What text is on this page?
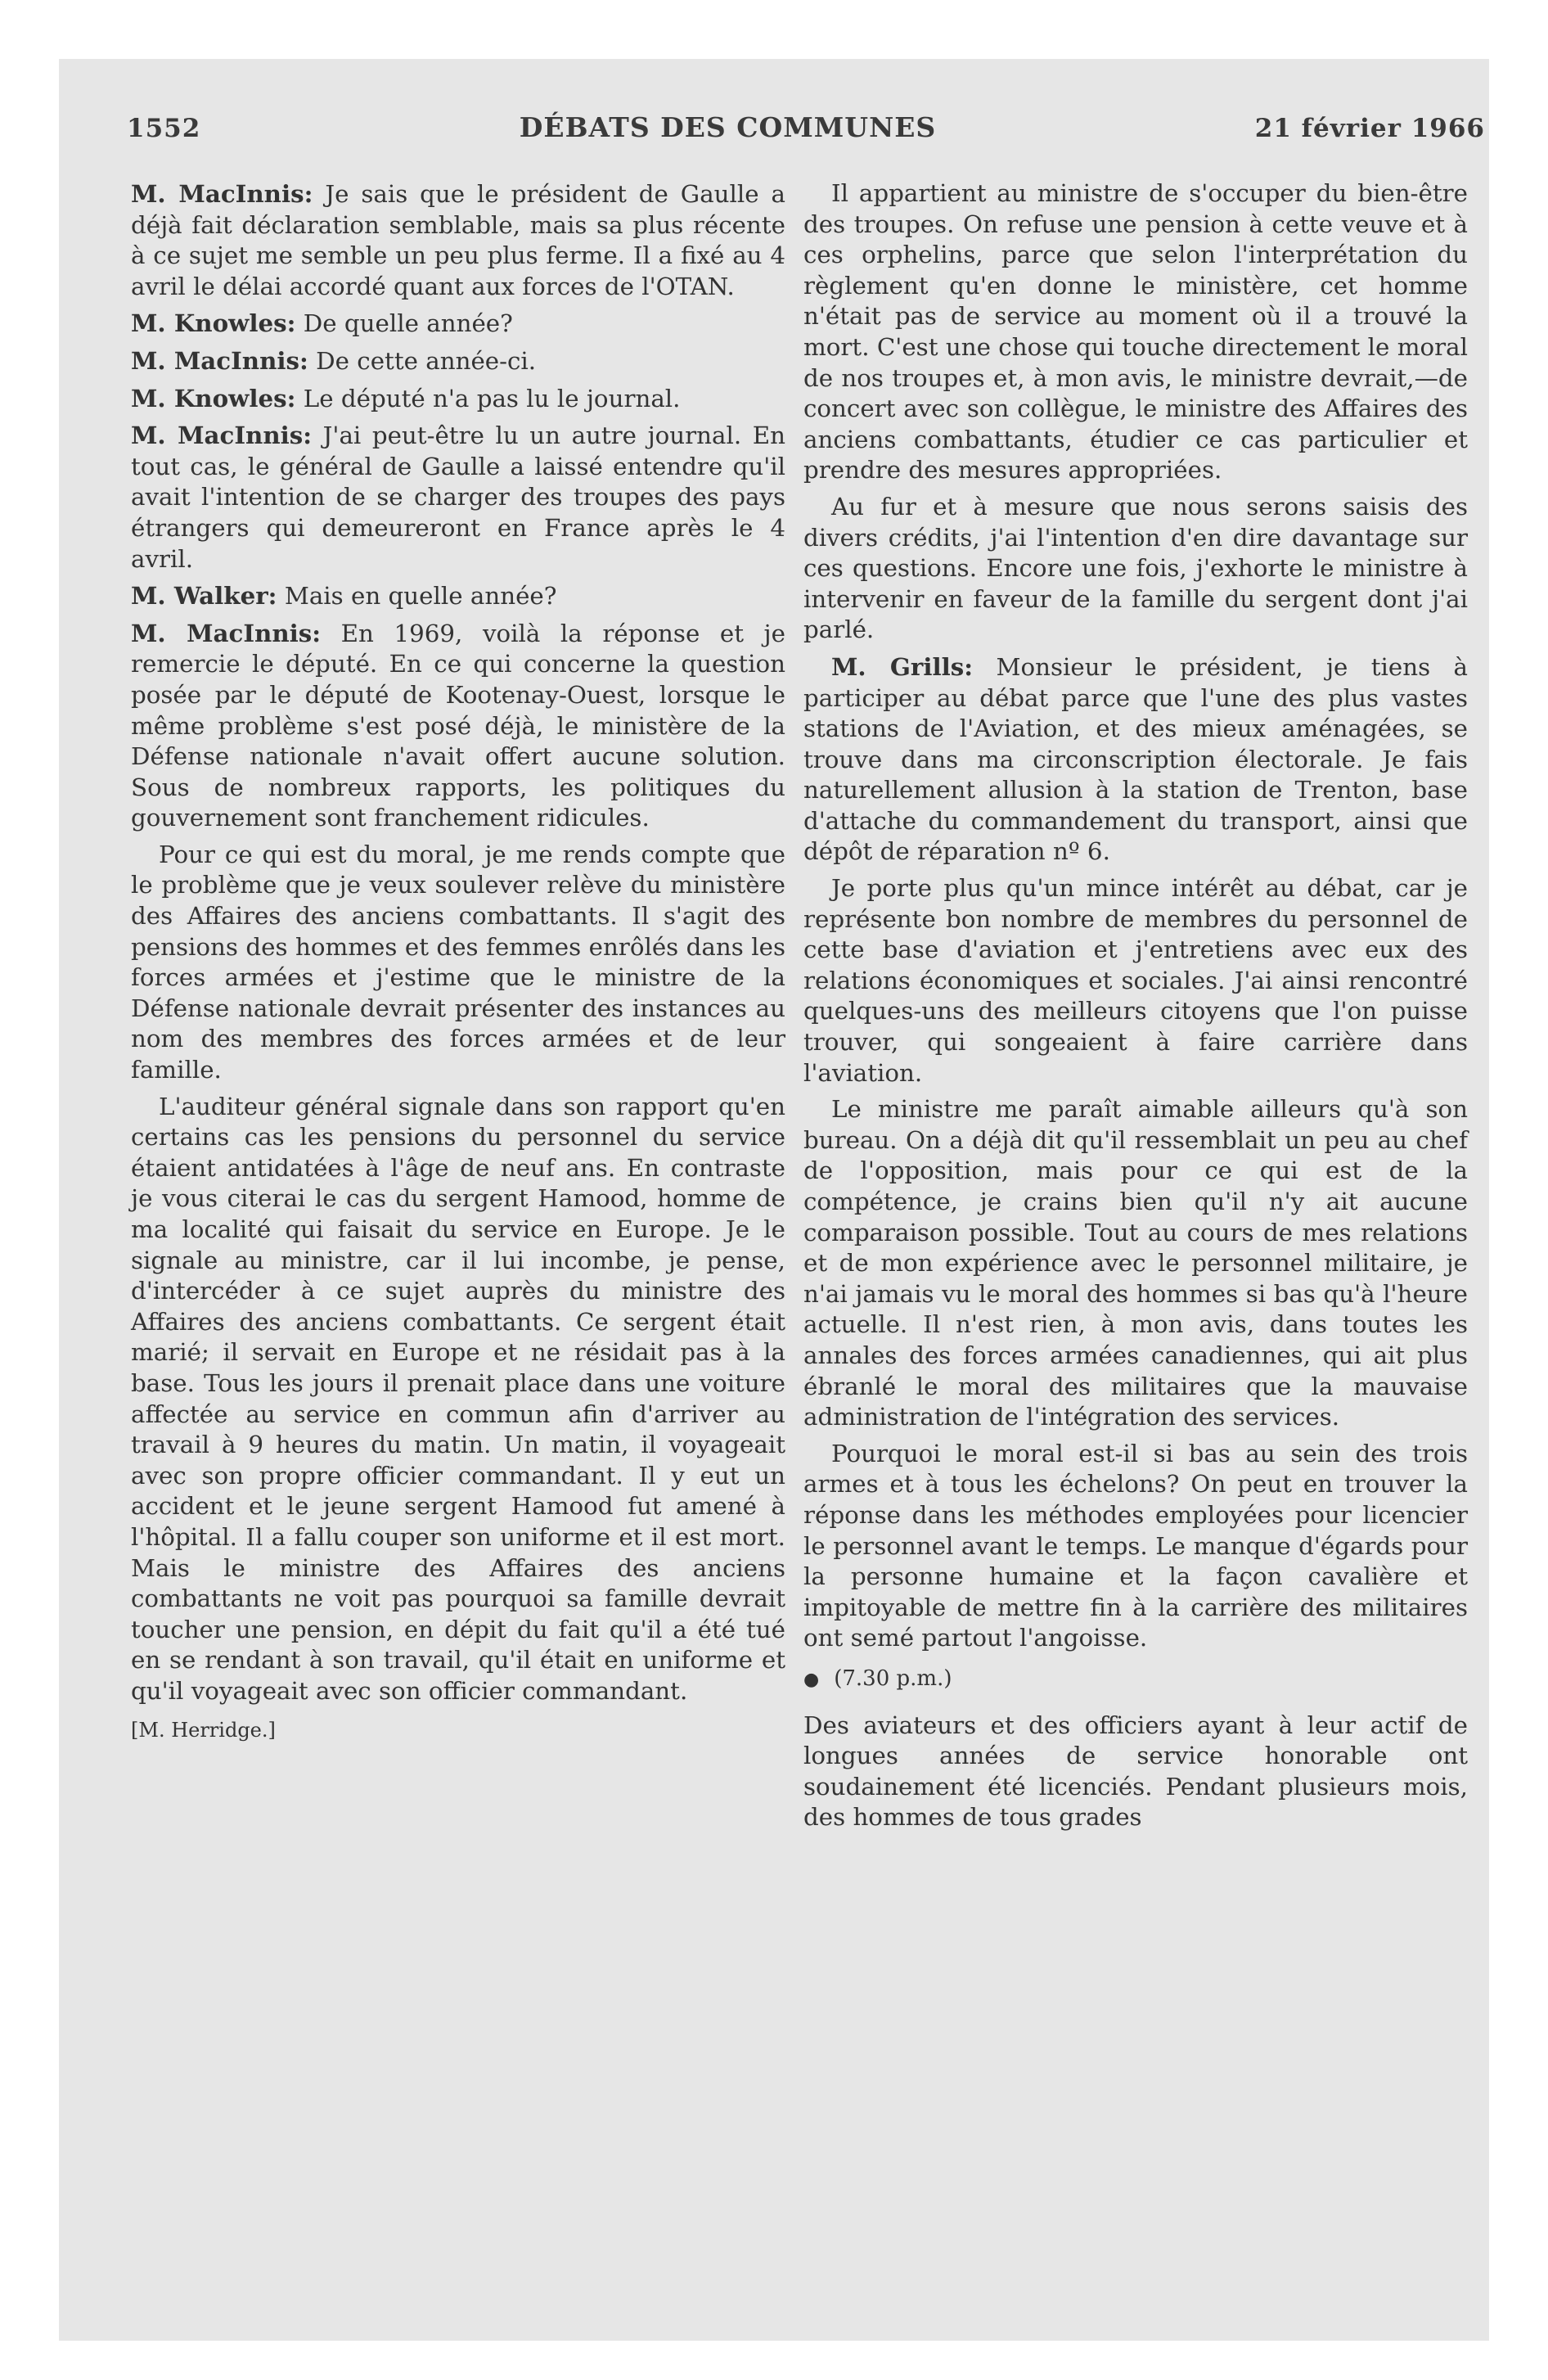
1552	DÉBATS DES COMMUNES	21 février 1966

M. MacInnis: Je sais que le président de Gaulle a déjà fait déclaration semblable, mais sa plus récente à ce sujet me semble un peu plus ferme. Il a fixé au 4 avril le délai accordé quant aux forces de l'OTAN.

M. Knowles: De quelle année?

M. MacInnis: De cette année-ci.

M. Knowles: Le député n'a pas lu le journal.

M. MacInnis: J'ai peut-être lu un autre journal. En tout cas, le général de Gaulle a laissé entendre qu'il avait l'intention de se charger des troupes des pays étrangers qui demeureront en France après le 4 avril.

M. Walker: Mais en quelle année?

M. MacInnis: En 1969, voilà la réponse et je remercie le député. En ce qui concerne la question posée par le député de Kootenay-Ouest, lorsque le même problème s'est posé déjà, le ministère de la Défense nationale n'avait offert aucune solution. Sous de nombreux rapports, les politiques du gouvernement sont franchement ridicules.

Pour ce qui est du moral, je me rends compte que le problème que je veux soulever relève du ministère des Affaires des anciens combattants. Il s'agit des pensions des hommes et des femmes enrôlés dans les forces armées et j'estime que le ministre de la Défense nationale devrait présenter des instances au nom des membres des forces armées et de leur famille.

L'auditeur général signale dans son rapport qu'en certains cas les pensions du personnel du service étaient antidatées à l'âge de neuf ans. En contraste je vous citerai le cas du sergent Hamood, homme de ma localité qui faisait du service en Europe. Je le signale au ministre, car il lui incombe, je pense, d'intercéder à ce sujet auprès du ministre des Affaires des anciens combattants. Ce sergent était marié; il servait en Europe et ne résidait pas à la base. Tous les jours il prenait place dans une voiture affectée au service en commun afin d'arriver au travail à 9 heures du matin. Un matin, il voyageait avec son propre officier commandant. Il y eut un accident et le jeune sergent Hamood fut amené à l'hôpital. Il a fallu couper son uniforme et il est mort. Mais le ministre des Affaires des anciens combattants ne voit pas pourquoi sa famille devrait toucher une pension, en dépit du fait qu'il a été tué en se rendant à son travail, qu'il était en uniforme et qu'il voyageait avec son officier commandant.

[M. Herridge.]

Il appartient au ministre de s'occuper du bien-être des troupes. On refuse une pension à cette veuve et à ces orphelins, parce que selon l'interprétation du règlement qu'en donne le ministère, cet homme n'était pas de service au moment où il a trouvé la mort. C'est une chose qui touche directement le moral de nos troupes et, à mon avis, le ministre devrait,—de concert avec son collègue, le ministre des Affaires des anciens combattants, étudier ce cas particulier et prendre des mesures appropriées.

Au fur et à mesure que nous serons saisis des divers crédits, j'ai l'intention d'en dire davantage sur ces questions. Encore une fois, j'exhorte le ministre à intervenir en faveur de la famille du sergent dont j'ai parlé.

M. Grills: Monsieur le président, je tiens à participer au débat parce que l'une des plus vastes stations de l'Aviation, et des mieux aménagées, se trouve dans ma circonscription électorale. Je fais naturellement allusion à la station de Trenton, base d'attache du commandement du transport, ainsi que dépôt de réparation nº 6.

Je porte plus qu'un mince intérêt au débat, car je représente bon nombre de membres du personnel de cette base d'aviation et j'entretiens avec eux des relations économiques et sociales. J'ai ainsi rencontré quelques-uns des meilleurs citoyens que l'on puisse trouver, qui songeaient à faire carrière dans l'aviation.

Le ministre me paraît aimable ailleurs qu'à son bureau. On a déjà dit qu'il ressemblait un peu au chef de l'opposition, mais pour ce qui est de la compétence, je crains bien qu'il n'y ait aucune comparaison possible. Tout au cours de mes relations et de mon expérience avec le personnel militaire, je n'ai jamais vu le moral des hommes si bas qu'à l'heure actuelle. Il n'est rien, à mon avis, dans toutes les annales des forces armées canadiennes, qui ait plus ébranlé le moral des militaires que la mauvaise administration de l'intégration des services.

Pourquoi le moral est-il si bas au sein des trois armes et à tous les échelons? On peut en trouver la réponse dans les méthodes employées pour licencier le personnel avant le temps. Le manque d'égards pour la personne humaine et la façon cavalière et impitoyable de mettre fin à la carrière des militaires ont semé partout l'angoisse.

● (7.30 p.m.)

Des aviateurs et des officiers ayant à leur actif de longues années de service honorable ont soudainement été licenciés. Pendant plusieurs mois, des hommes de tous grades
